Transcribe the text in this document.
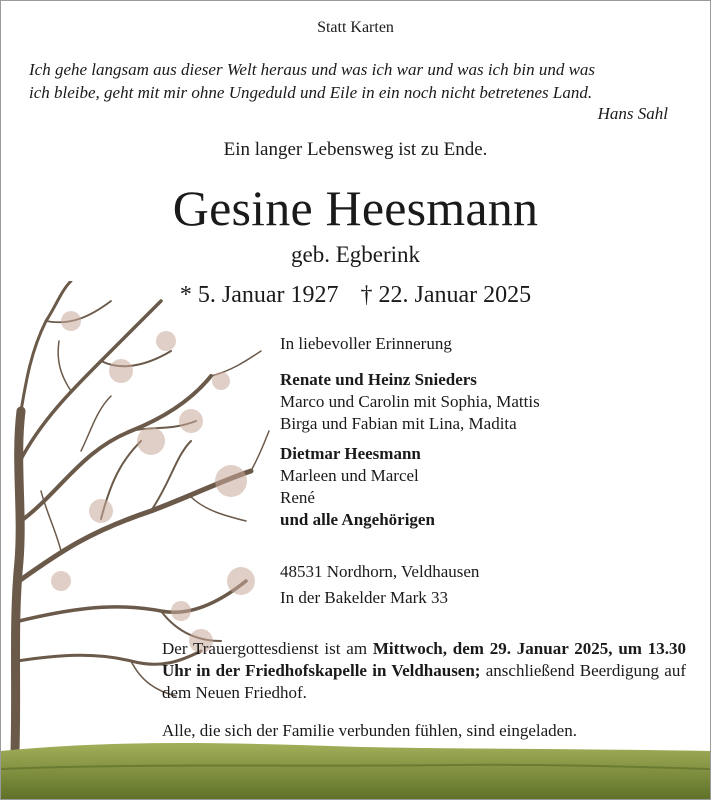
Statt Karten
Ich gehe langsam aus dieser Welt heraus und was ich war und was ich bin und was
ich bleibe, geht mit mir ohne Ungeduld und Eile in ein noch nicht betretenes Land.
Hans Sahl
Ein langer Lebensweg ist zu Ende.
Gesine Heesmann
geb. Egberink
* 5. Januar 1927 † 22. Januar 2025
In liebevoller Erinnerung
Renate und Heinz Snieders
Marco und Carolin mit Sophia, Mattis
Birga und Fabian mit Lina, Madita
Dietmar Heesmann
Marleen und Marcel
René
und alle Angehörigen
48531 Nordhorn, Veldhausen
In der Bakelder Mark 33
Der Trauergottesdienst ist am Mittwoch, dem 29. Januar 2025, um 13.30 Uhr in der Friedhofskapelle in Veldhausen; anschließend Beerdigung auf dem Neuen Friedhof.
Alle, die sich der Familie verbunden fühlen, sind eingeladen.
